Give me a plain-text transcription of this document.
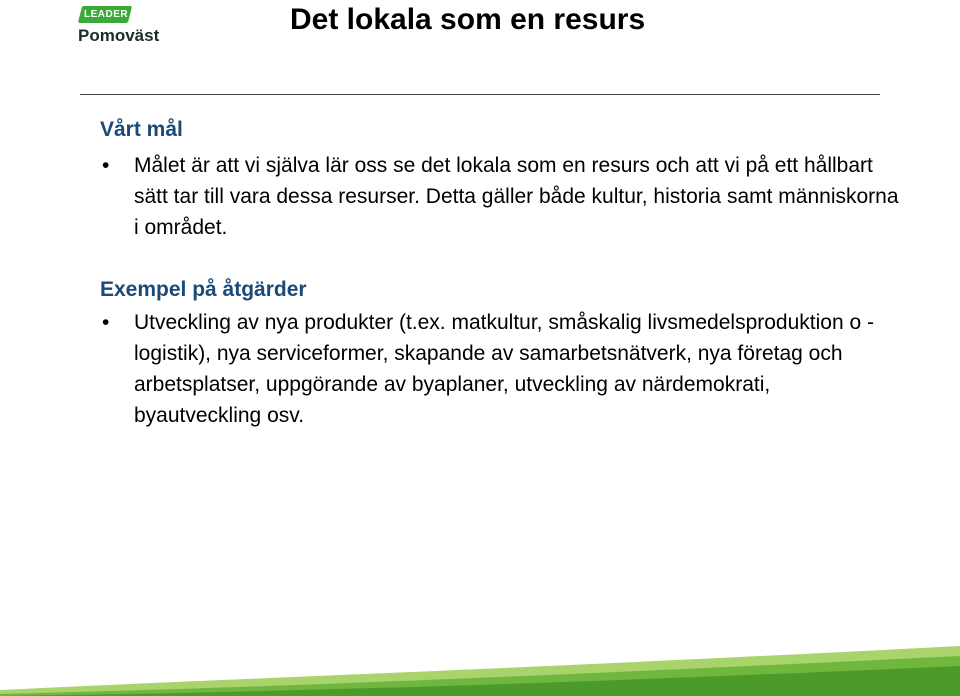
LEADER
Pomoväst	Det lokala som en resurs
Vårt mål
• Målet är att vi själva lär oss se det lokala som en resurs och att vi på ett hållbart sätt tar till vara dessa resurser. Detta gäller både kultur, historia samt människorna i området.
Exempel på åtgärder
• Utveckling av nya produkter (t.ex. matkultur, småskalig livsmedelsproduktion o -logistik), nya serviceformer, skapande av samarbetsnätverk, nya företag och arbetsplatser, uppgörande av byaplaner, utveckling av närdemokrati, byautveckling osv.
